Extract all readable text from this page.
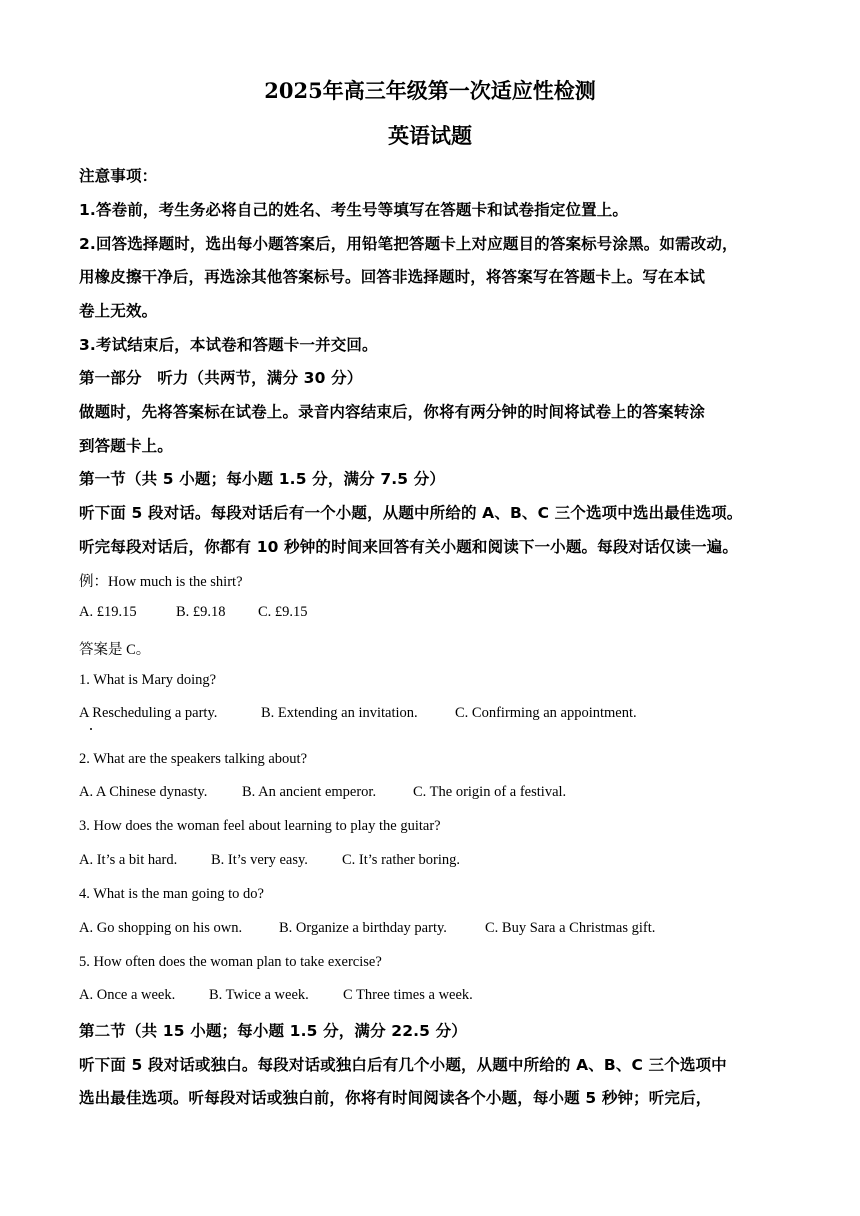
2025年高三年级第一次适应性检测
英语试题
注意事项：
1.答卷前，考生务必将自己的姓名、考生号等填写在答题卡和试卷指定位置上。
2.回答选择题时，选出每小题答案后，用铅笔把答题卡上对应题目的答案标号涂黑。如需改动，
用橡皮擦干净后，再选涂其他答案标号。回答非选择题时，将答案写在答题卡上。写在本试
卷上无效。
3.考试结束后，本试卷和答题卡一并交回。
第一部分　听力（共两节，满分 30 分）
做题时，先将答案标在试卷上。录音内容结束后，你将有两分钟的时间将试卷上的答案转涂
到答题卡上。
第一节（共 5 小题；每小题 1.5 分，满分 7.5 分）
听下面 5 段对话。每段对话后有一个小题，从题中所给的 A、B、C 三个选项中选出最佳选项。
听完每段对话后，你都有 10 秒钟的时间来回答有关小题和阅读下一小题。每段对话仅读一遍。
例：How much is the shirt?
A. £19.15	B. £9.18 C. £9.15
答案是 C。
1. What is Mary doing?
A Rescheduling a party.	B. Extending an invitation.	C. Confirming an appointment.
2. What are the speakers talking about?
A. A Chinese dynasty. B. An ancient emperor.	C. The origin of a festival.
3. How does the woman feel about learning to play the guitar?
A. It’s a bit hard. B. It’s very easy. C. It’s rather boring.
4. What is the man going to do?
A. Go shopping on his own.	B. Organize a birthday party.	C. Buy Sara a Christmas gift.
5. How often does the woman plan to take exercise?
A. Once a week. B. Twice a week. C Three times a week.
第二节（共 15 小题；每小题 1.5 分，满分 22.5 分）
听下面 5 段对话或独白。每段对话或独白后有几个小题，从题中所给的 A、B、C 三个选项中
选出最佳选项。听每段对话或独白前，你将有时间阅读各个小题，每小题 5 秒钟；听完后，
